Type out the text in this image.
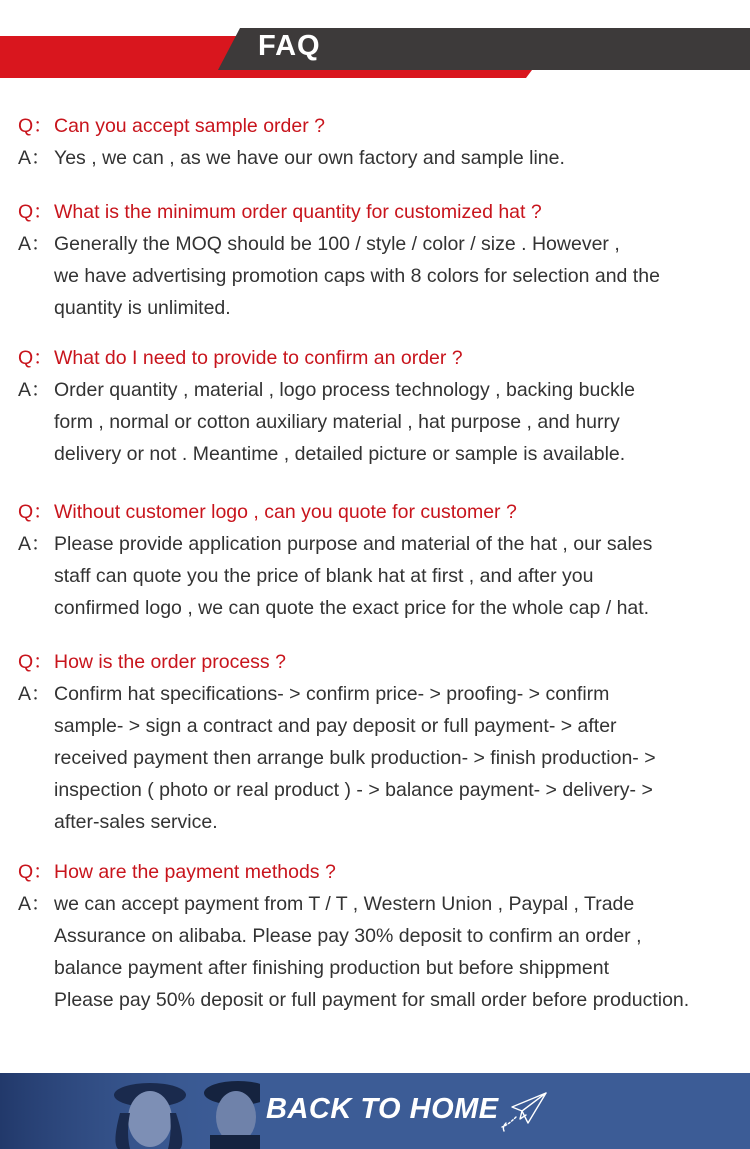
FAQ
Q： Can you accept sample order ?
A： Yes , we can , as we have our own factory and sample line.
Q： What is the minimum order quantity for customized hat ?
A： Generally the MOQ should be 100 / style / color / size . However ,
we have advertising promotion caps with 8 colors for selection and the
quantity is unlimited.
Q： What do I need to provide to confirm an order ?
A： Order quantity , material , logo process technology , backing buckle
form , normal or cotton auxiliary material , hat purpose , and hurry
delivery or not . Meantime , detailed picture or sample is available.
Q： Without customer logo , can you quote for customer ?
A： Please provide application purpose and material of the hat , our sales
staff can quote you the price of blank hat at first , and after you
confirmed logo , we can quote the exact price for the whole cap / hat.
Q： How is the order process ?
A： Confirm hat specifications- > confirm price- > proofing- > confirm
sample- > sign a contract and pay deposit or full payment- > after
received payment then arrange bulk production- > finish production- >
inspection ( photo or real product ) - > balance payment- > delivery- >
after-sales service.
Q： How are the payment methods ?
A： we can accept payment from T / T , Western Union , Paypal , Trade
Assurance on alibaba. Please pay 30% deposit to confirm an order ,
balance payment after finishing production but before shippment
Please pay 50% deposit or full payment for small order before production.
BACK TO HOME
